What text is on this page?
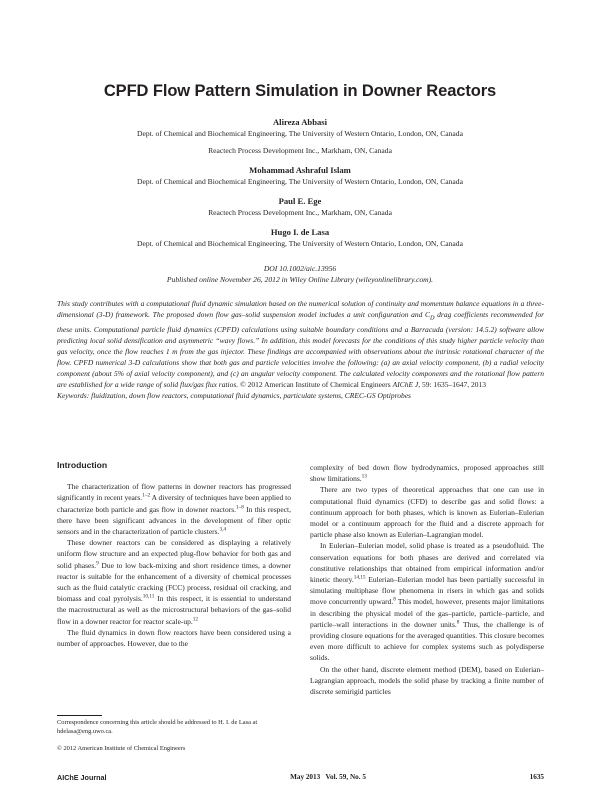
CPFD Flow Pattern Simulation in Downer Reactors
Alireza Abbasi
Dept. of Chemical and Biochemical Engineering, The University of Western Ontario, London, ON, Canada
Reactech Process Development Inc., Markham, ON, Canada
Mohammad Ashraful Islam
Dept. of Chemical and Biochemical Engineering, The University of Western Ontario, London, ON, Canada
Paul E. Ege
Reactech Process Development Inc., Markham, ON, Canada
Hugo I. de Lasa
Dept. of Chemical and Biochemical Engineering, The University of Western Ontario, London, ON, Canada
DOI 10.1002/aic.13956
Published online November 26, 2012 in Wiley Online Library (wileyonlinelibrary.com).
This study contributes with a computational fluid dynamic simulation based on the numerical solution of continuity and momentum balance equations in a three-dimensional (3-D) framework. The proposed down flow gas–solid suspension model includes a unit configuration and $C_D$ drag coefficients recommended for these units. Computational particle fluid dynamics (CPFD) calculations using suitable boundary conditions and a Barracuda (version: 14.5.2) software allow predicting local solid densification and asymmetric “wavy flows.” In addition, this model forecasts for the conditions of this study higher particle velocity than gas velocity, once the flow reaches 1 m from the gas injector. These findings are accompanied with observations about the intrinsic rotational character of the flow. CPFD numerical 3-D calculations show that both gas and particle velocities involve the following: (a) an axial velocity component, (b) a radial velocity component (about 5% of axial velocity component), and (c) an angular velocity component. The calculated velocity components and the rotational flow pattern are established for a wide range of solid flux/gas flux ratios. © 2012 American Institute of Chemical Engineers AIChE J, 59: 1635–1647, 2013
Keywords: fluidization, down flow reactors, computational fluid dynamics, particulate systems, CREC-GS Optiprobes
Introduction

The characterization of flow patterns in downer reactors has progressed significantly in recent years.$^{1-2}$ A diversity of techniques have been applied to characterize both particle and gas flow in downer reactors.$^{1-8}$ In this respect, there have been significant advances in the development of fiber optic sensors and in the characterization of particle clusters.$^{3,4}$

These downer reactors can be considered as displaying a relatively uniform flow structure and an expected plug-flow behavior for both gas and solid phases.$^9$ Due to low back-mixing and short residence times, a downer reactor is suitable for the enhancement of a diversity of chemical processes such as the fluid catalytic cracking (FCC) process, residual oil cracking, and biomass and coal pyrolysis.$^{10,11}$ In this respect, it is essential to understand the macrostructural as well as the microstructural behaviors of the gas–solid flow in a downer reactor for reactor scale-up.$^{12}$

The fluid dynamics in down flow reactors have been considered using a number of approaches. However, due to the

complexity of bed down flow hydrodynamics, proposed approaches still show limitations.$^{13}$

There are two types of theoretical approaches that one can use in computational fluid dynamics (CFD) to describe gas and solid flows: a continuum approach for both phases, which is known as Eulerian–Eulerian model or a continuum approach for the fluid and a discrete approach for particle phase also known as Eulerian–Lagrangian model.

In Eulerian–Eulerian model, solid phase is treated as a pseudofluid. The conservation equations for both phases are derived and correlated via constitutive relationships that obtained from empirical information and/or kinetic theory.$^{14,15}$ Eulerian–Eulerian model has been partially successful in simulating multiphase flow phenomena in risers in which gas and solids move concurrently upward.$^8$ This model, however, presents major limitations in describing the physical model of the gas–particle, particle–particle, and particle–wall interactions in the downer units.$^8$ Thus, the challenge is of providing closure equations for the averaged quantities. This closure becomes even more difficult to achieve for complex systems such as polydisperse solids.

On the other hand, discrete element method (DEM), based on Eulerian–Lagrangian approach, models the solid phase by tracking a finite number of discrete semirigid particles

Correspondence concerning this article should be addressed to H. I. de Lasa at hdelasa@eng.uwo.ca.
© 2012 American Institute of Chemical Engineers
AIChE Journal	May 2013   Vol. 59, No. 5	1635
